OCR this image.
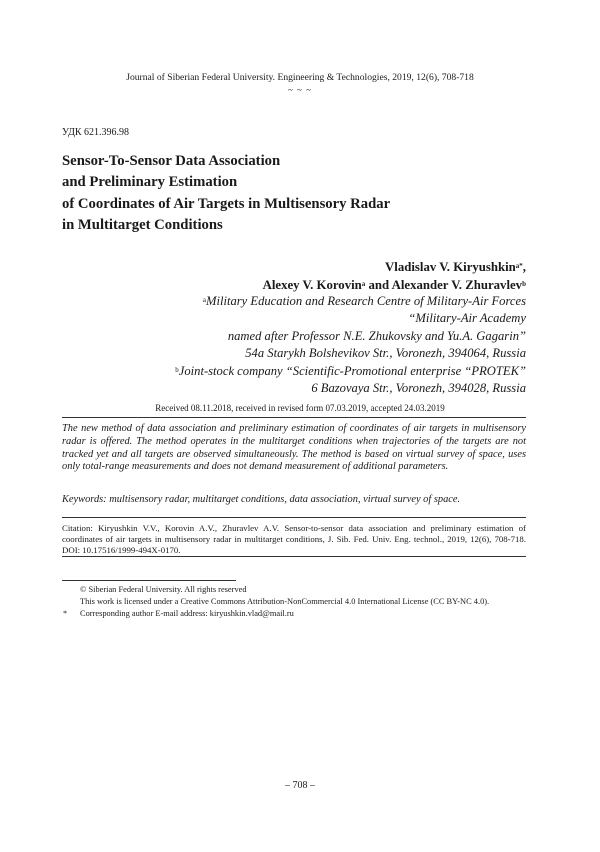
Journal of Siberian Federal University. Engineering & Technologies, 2019, 12(6), 708-718
~ ~ ~
УДК 621.396.98
Sensor-To-Sensor Data Association
and Preliminary Estimation
of Coordinates of Air Targets in Multisensory Radar
in Multitarget Conditions
Vladislav V. Kiryushkin$^{a*}$,
Alexey V. Korovin$^a$ and Alexander V. Zhuravlev$^b$
$^a$Military Education and Research Centre of Military-Air Forces
“Military-Air Academy
named after Professor N.E. Zhukovsky and Yu.A. Gagarin”
54a Starykh Bolshevikov Str., Voronezh, 394064, Russia
$^b$Joint-stock company “Scientific-Promotional enterprise “PROTEK”
6 Bazovaya Str., Voronezh, 394028, Russia
Received 08.11.2018, received in revised form 07.03.2019, accepted 24.03.2019
The new method of data association and preliminary estimation of coordinates of air targets in multisensory radar is offered. The method operates in the multitarget conditions when trajectories of the targets are not tracked yet and all targets are observed simultaneously. The method is based on virtual survey of space, uses only total-range measurements and does not demand measurement of additional parameters.
Keywords: multisensory radar, multitarget conditions, data association, virtual survey of space.
Citation: Kiryushkin V.V., Korovin A.V., Zhuravlev A.V. Sensor-to-sensor data association and preliminary estimation of coordinates of air targets in multisensory radar in multitarget conditions, J. Sib. Fed. Univ. Eng. technol., 2019, 12(6), 708-718. DOI: 10.17516/1999-494X-0170.
© Siberian Federal University. All rights reserved
This work is licensed under a Creative Commons Attribution-NonCommercial 4.0 International License (CC BY-NC 4.0).
* Corresponding author E-mail address: kiryushkin.vlad@mail.ru
– 708 –
